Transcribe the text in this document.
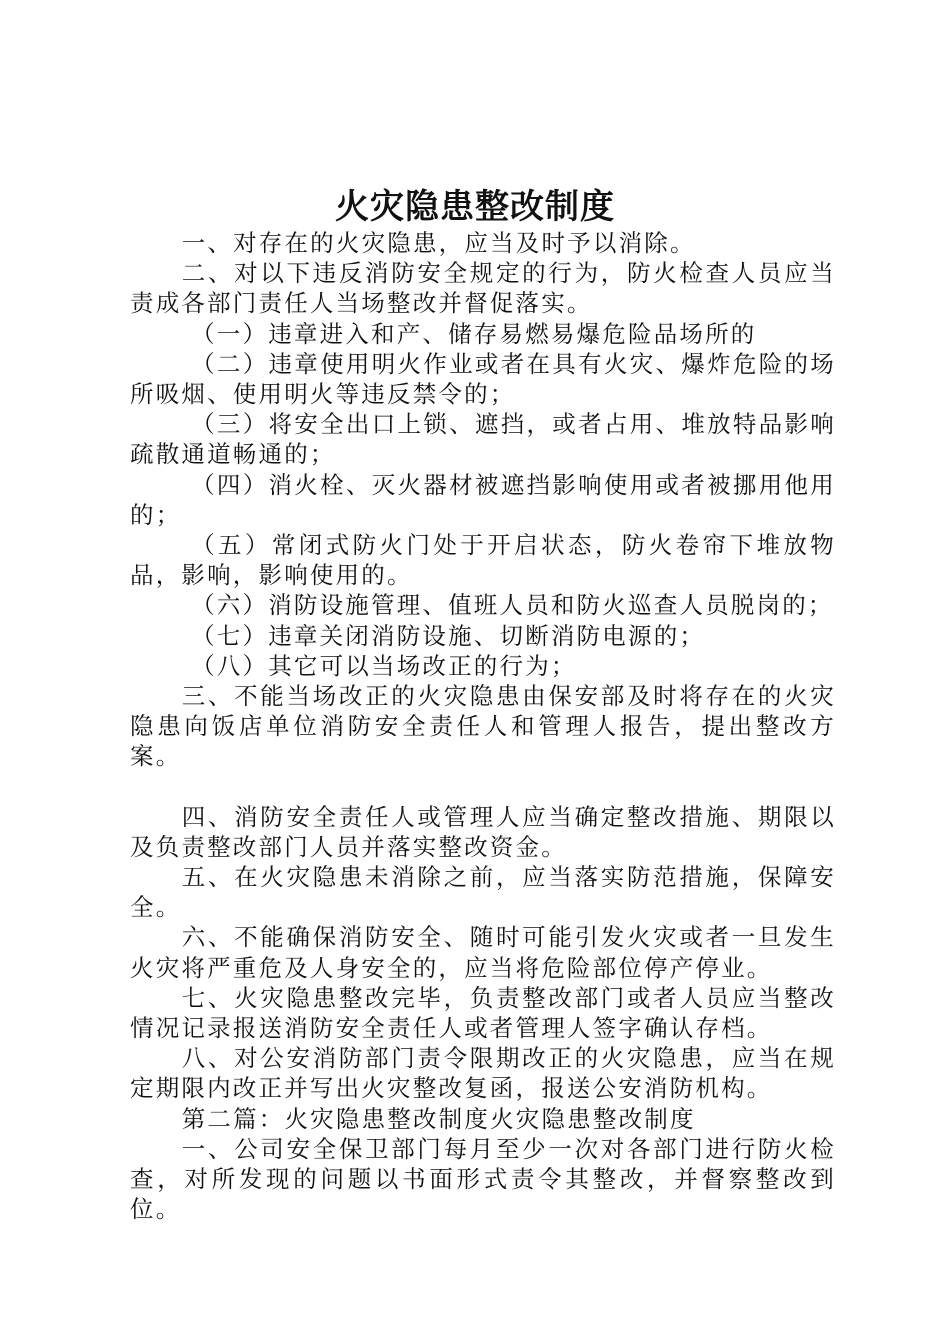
火灾隐患整改制度

一、对存在的火灾隐患，应当及时予以消除。

二、对以下违反消防安全规定的行为，防火检查人员应当责成各部门责任人当场整改并督促落实。

（一）违章进入和产、储存易燃易爆危险品场所的

（二）违章使用明火作业或者在具有火灾、爆炸危险的场所吸烟、使用明火等违反禁令的；

（三）将安全出口上锁、遮挡，或者占用、堆放特品影响疏散通道畅通的；

（四）消火栓、灭火器材被遮挡影响使用或者被挪用他用的；

（五）常闭式防火门处于开启状态，防火卷帘下堆放物品，影响，影响使用的。

（六）消防设施管理、值班人员和防火巡查人员脱岗的；

（七）违章关闭消防设施、切断消防电源的；

（八）其它可以当场改正的行为；

三、不能当场改正的火灾隐患由保安部及时将存在的火灾隐患向饭店单位消防安全责任人和管理人报告，提出整改方案。

四、消防安全责任人或管理人应当确定整改措施、期限以及负责整改部门人员并落实整改资金。

五、在火灾隐患未消除之前，应当落实防范措施，保障安全。

六、不能确保消防安全、随时可能引发火灾或者一旦发生火灾将严重危及人身安全的，应当将危险部位停产停业。

七、火灾隐患整改完毕，负责整改部门或者人员应当整改情况记录报送消防安全责任人或者管理人签字确认存档。

八、对公安消防部门责令限期改正的火灾隐患，应当在规定期限内改正并写出火灾整改复函，报送公安消防机构。

第二篇：火灾隐患整改制度火灾隐患整改制度

一、公司安全保卫部门每月至少一次对各部门进行防火检查，对所发现的问题以书面形式责令其整改，并督察整改到位。
